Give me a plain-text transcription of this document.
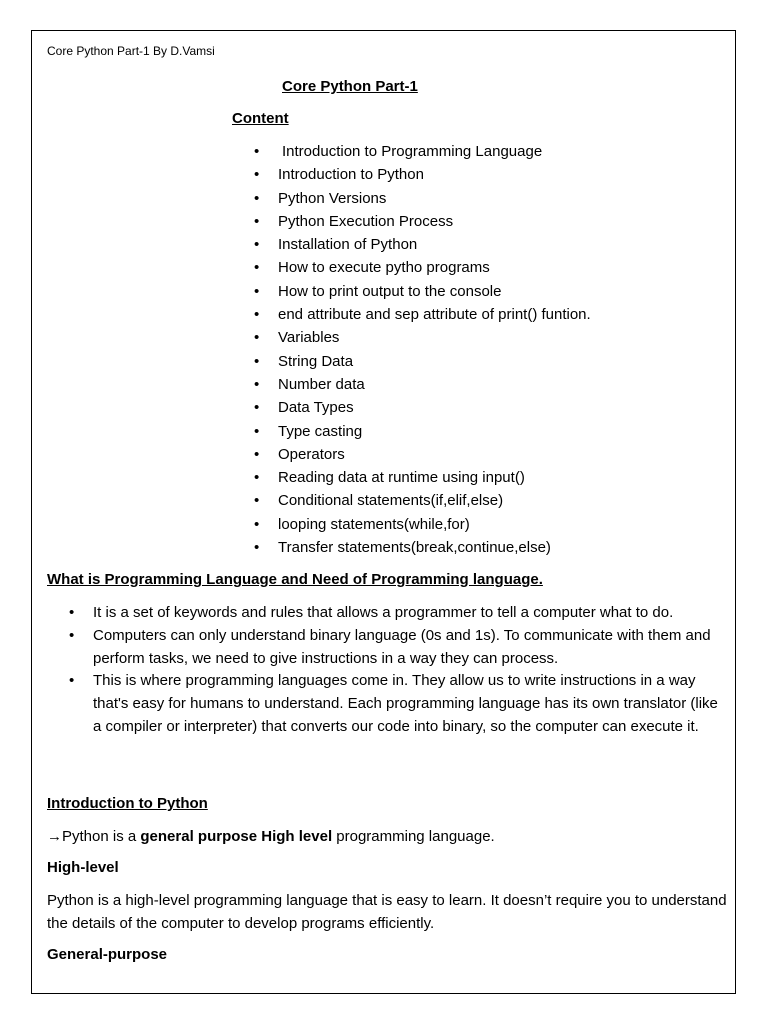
Core Python Part-1 By D.Vamsi

Core Python Part-1

Content

• Introduction to Programming Language
• Introduction to Python
• Python Versions
• Python Execution Process
• Installation of Python
• How to execute pytho programs
• How to print output to the console
• end attribute and sep attribute of print() funtion.
• Variables
• String Data
• Number data
• Data Types
• Type casting
• Operators
• Reading data at runtime using input()
• Conditional statements(if,elif,else)
• looping statements(while,for)
• Transfer statements(break,continue,else)

What is Programming Language and Need of Programming language.

• It is a set of keywords and rules that allows a programmer to tell a computer what to do.
• Computers can only understand binary language (0s and 1s). To communicate with them and perform tasks, we need to give instructions in a way they can process.
• This is where programming languages come in. They allow us to write instructions in a way that's easy for humans to understand. Each programming language has its own translator (like a compiler or interpreter) that converts our code into binary, so the computer can execute it.

Introduction to Python

→Python is a general purpose High level programming language.

High-level

Python is a high-level programming language that is easy to learn. It doesn’t require you to understand the details of the computer to develop programs efficiently.

General-purpose
